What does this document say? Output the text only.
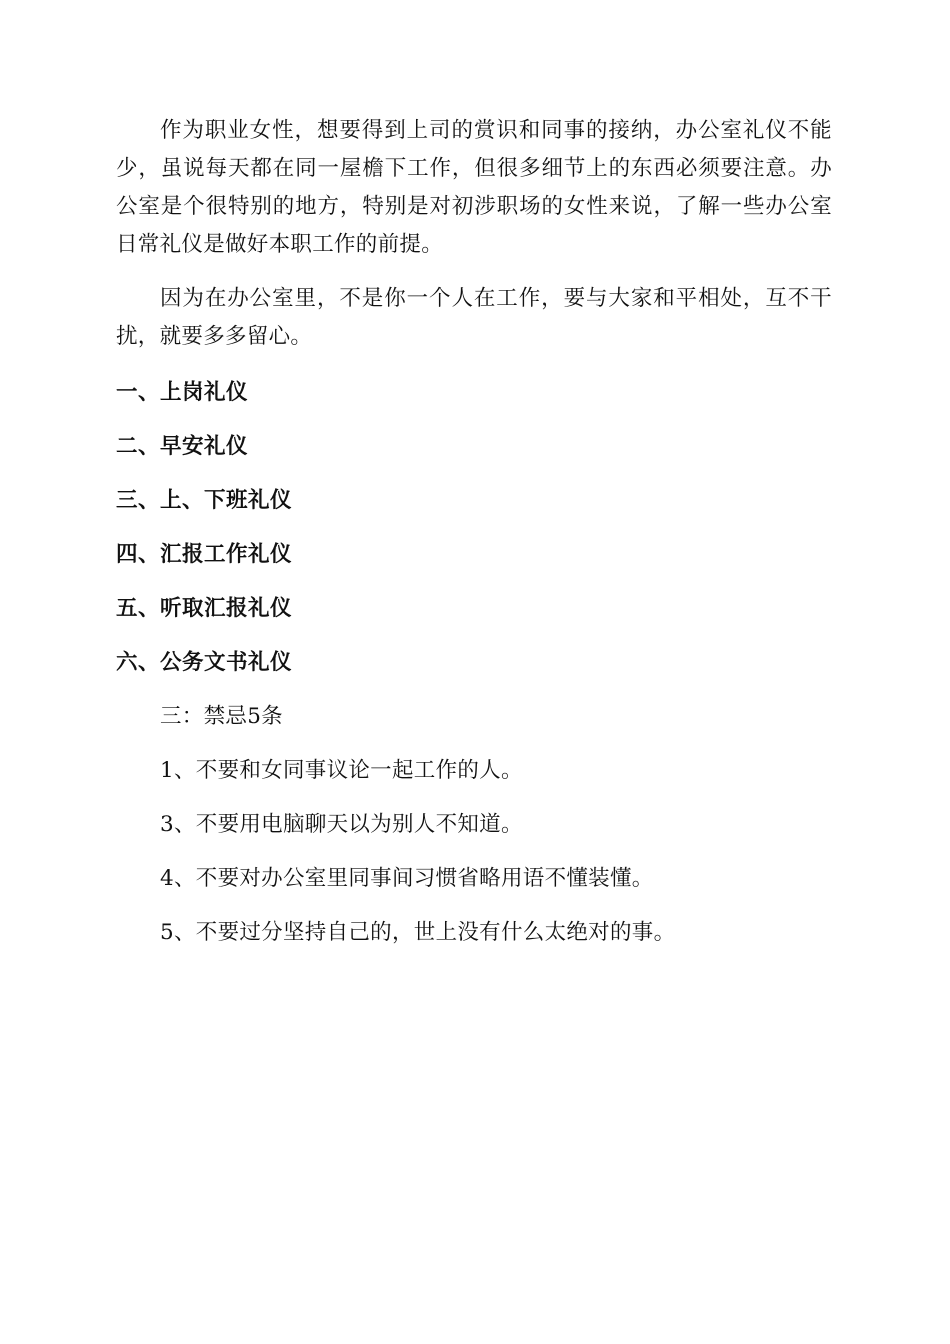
作为职业女性，想要得到上司的赏识和同事的接纳，办公室礼仪不能少，虽说每天都在同一屋檐下工作，但很多细节上的东西必须要注意。办公室是个很特别的地方，特别是对初涉职场的女性来说，了解一些办公室日常礼仪是做好本职工作的前提。

因为在办公室里，不是你一个人在工作，要与大家和平相处，互不干扰，就要多多留心。

一、上岗礼仪

二、早安礼仪

三、上、下班礼仪

四、汇报工作礼仪

五、听取汇报礼仪

六、公务文书礼仪

三：禁忌5条

1、不要和女同事议论一起工作的人。

3、不要用电脑聊天以为别人不知道。

4、不要对办公室里同事间习惯省略用语不懂装懂。

5、不要过分坚持自己的，世上没有什么太绝对的事。
